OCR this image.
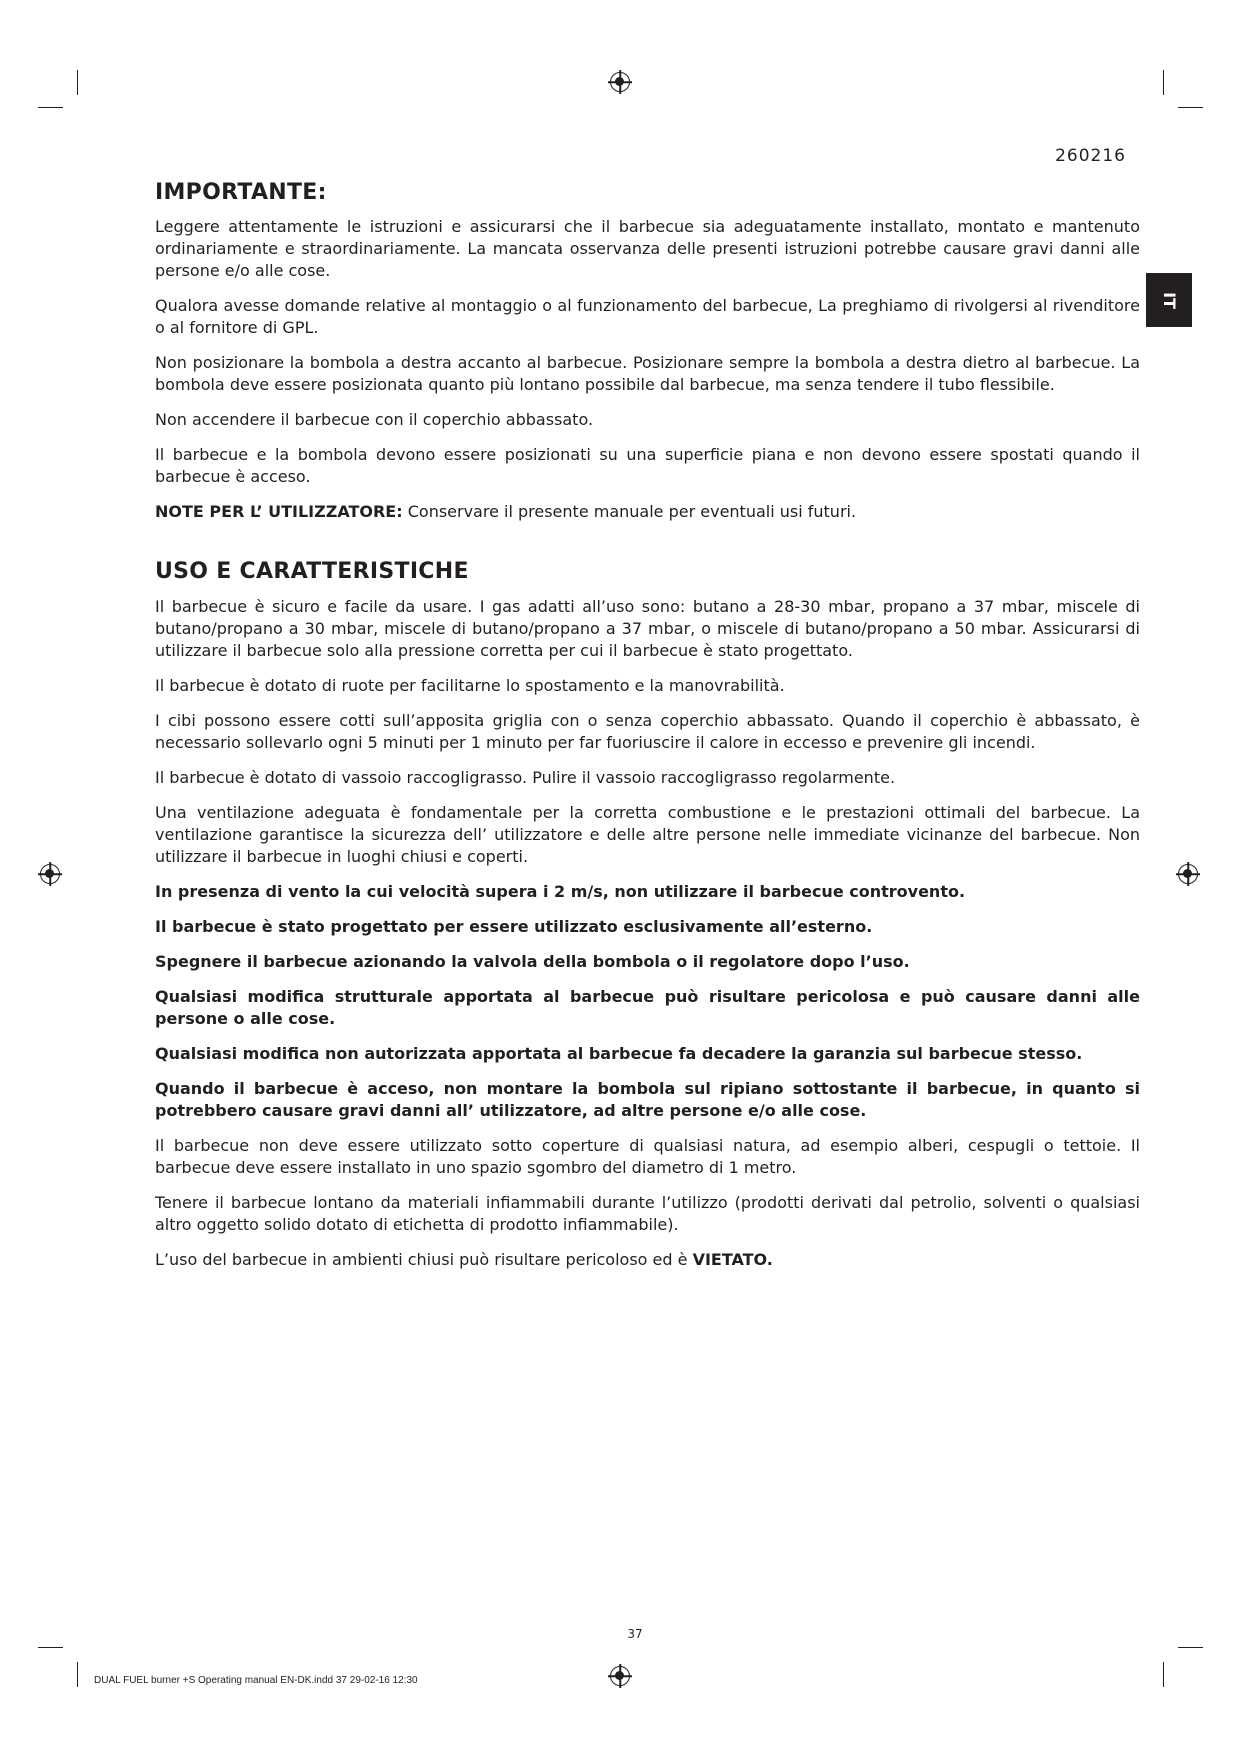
260216
IT
IMPORTANTE:

Leggere attentamente le istruzioni e assicurarsi che il barbecue sia adeguatamente installato, montato e mantenuto ordinariamente e straordinariamente. La mancata osservanza delle presenti istruzioni potrebbe causare gravi danni alle persone e/o alle cose.

Qualora avesse domande relative al montaggio o al funzionamento del barbecue, La preghiamo di rivolgersi al rivenditore o al fornitore di GPL.

Non posizionare la bombola a destra accanto al barbecue. Posizionare sempre la bombola a destra dietro al barbecue. La bombola deve essere posizionata quanto più lontano possibile dal barbecue, ma senza tendere il tubo flessibile.

Non accendere il barbecue con il coperchio abbassato.

Il barbecue e la bombola devono essere posizionati su una superficie piana e non devono essere spostati quando il barbecue è acceso.

NOTE PER L’ UTILIZZATORE: Conservare il presente manuale per eventuali usi futuri.

USO E CARATTERISTICHE

Il barbecue è sicuro e facile da usare. I gas adatti all’uso sono: butano a 28-30 mbar, propano a 37 mbar, miscele di butano/propano a 30 mbar, miscele di butano/propano a 37 mbar, o miscele di butano/propano a 50 mbar. Assicurarsi di utilizzare il barbecue solo alla pressione corretta per cui il barbecue è stato progettato.

Il barbecue è dotato di ruote per facilitarne lo spostamento e la manovrabilità.

I cibi possono essere cotti sull’apposita griglia con o senza coperchio abbassato. Quando il coperchio è abbassato, è necessario sollevarlo ogni 5 minuti per 1 minuto per far fuoriuscire il calore in eccesso e prevenire gli incendi.

Il barbecue è dotato di vassoio raccogligrasso. Pulire il vassoio raccogligrasso regolarmente.

Una ventilazione adeguata è fondamentale per la corretta combustione e le prestazioni ottimali del barbecue. La ventilazione garantisce la sicurezza dell’ utilizzatore e delle altre persone nelle immediate vicinanze del barbecue. Non utilizzare il barbecue in luoghi chiusi e coperti.

In presenza di vento la cui velocità supera i 2 m/s, non utilizzare il barbecue controvento.

Il barbecue è stato progettato per essere utilizzato esclusivamente all’esterno.

Spegnere il barbecue azionando la valvola della bombola o il regolatore dopo l’uso.

Qualsiasi modifica strutturale apportata al barbecue può risultare pericolosa e può causare danni alle persone o alle cose.

Qualsiasi modifica non autorizzata apportata al barbecue fa decadere la garanzia sul barbecue stesso.

Quando il barbecue è acceso, non montare la bombola sul ripiano sottostante il barbecue, in quanto si potrebbero causare gravi danni all’ utilizzatore, ad altre persone e/o alle cose.

Il barbecue non deve essere utilizzato sotto coperture di qualsiasi natura, ad esempio alberi, cespugli o tettoie. Il barbecue deve essere installato in uno spazio sgombro del diametro di 1 metro.

Tenere il barbecue lontano da materiali infiammabili durante l’utilizzo (prodotti derivati dal petrolio, solventi o qualsiasi altro oggetto solido dotato di etichetta di prodotto infiammabile).

L’uso del barbecue in ambienti chiusi può risultare pericoloso ed è VIETATO.

37
DUAL FUEL burner +S Operating manual EN-DK.indd 37 29-02-16 12:30
